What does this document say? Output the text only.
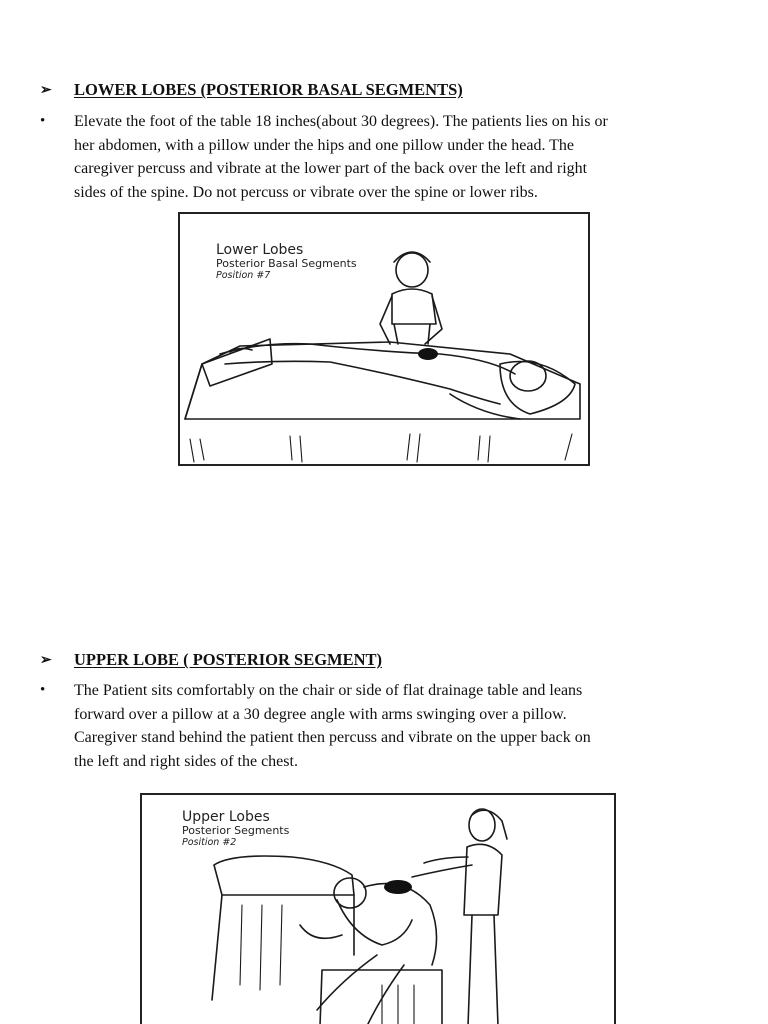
➢	LOWER LOBES (POSTERIOR BASAL SEGMENTS)
•	Elevate the foot of the table 18 inches(about 30 degrees). The patients lies on his or
her abdomen, with a pillow under the hips and one pillow under the head. The
caregiver percuss and vibrate at the lower part of the back over the left and right
sides of the spine. Do not percuss or vibrate over the spine or lower ribs.
Lower Lobes
Posterior Basal Segments
Position #7
➢	UPPER LOBE ( POSTERIOR SEGMENT)
•	The Patient sits comfortably on the chair or side of flat drainage table and leans
forward over a pillow at a 30 degree angle with arms swinging over a pillow.
Caregiver stand behind the patient then percuss and vibrate on the upper back on
the left and right sides of the chest.
Upper Lobes
Posterior Segments
Position #2
